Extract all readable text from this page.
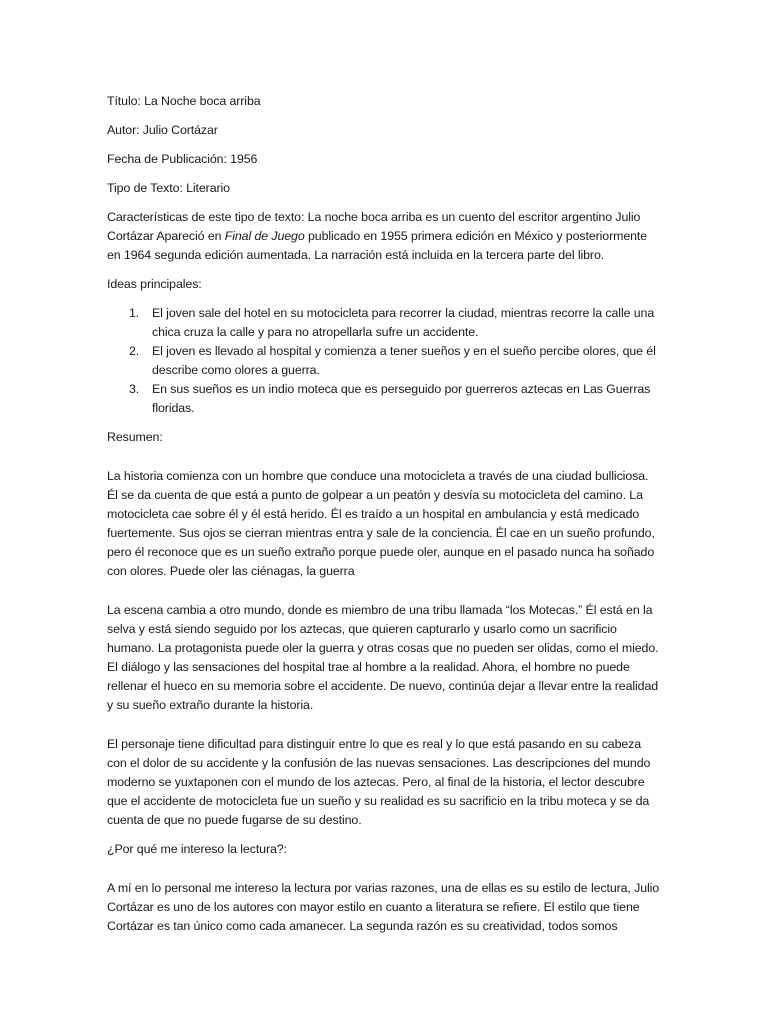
Título: La Noche boca arriba

Autor: Julio Cortázar

Fecha de Publicación: 1956

Tipo de Texto: Literario

Características de este tipo de texto: La noche boca arriba es un cuento del escritor argentino Julio Cortázar Apareció en Final de Juego publicado en 1955 primera edición en México y posteriormente en 1964 segunda edición aumentada. La narración está incluida en la tercera parte del libro.

Ideas principales:

1. El joven sale del hotel en su motocicleta para recorrer la ciudad, mientras recorre la calle una chica cruza la calle y para no atropellarla sufre un accidente.
2. El joven es llevado al hospital y comienza a tener sueños y en el sueño percibe olores, que él describe como olores a guerra.
3. En sus sueños es un indio moteca que es perseguido por guerreros aztecas en Las Guerras floridas.

Resumen:

La historia comienza con un hombre que conduce una motocicleta a través de una ciudad bulliciosa. Él se da cuenta de que está a punto de golpear a un peatón y desvía su motocicleta del camino. La motocicleta cae sobre él y él está herido. Él es traído a un hospital en ambulancia y está medicado fuertemente. Sus ojos se cierran mientras entra y sale de la conciencia. Él cae en un sueño profundo, pero él reconoce que es un sueño extraño porque puede oler, aunque en el pasado nunca ha soñado con olores. Puede oler las ciénagas, la guerra

La escena cambia a otro mundo, donde es miembro de una tribu llamada “los Motecas.” Él está en la selva y está siendo seguido por los aztecas, que quieren capturarlo y usarlo como un sacrificio humano. La protagonista puede oler la guerra y otras cosas que no pueden ser olidas, como el miedo. El diálogo y las sensaciones del hospital trae al hombre a la realidad. Ahora, el hombre no puede rellenar el hueco en su memoria sobre el accidente. De nuevo, continúa dejar a llevar entre la realidad y su sueño extraño durante la historia.

El personaje tiene dificultad para distinguir entre lo que es real y lo que está pasando en su cabeza con el dolor de su accidente y la confusión de las nuevas sensaciones. Las descripciones del mundo moderno se yuxtaponen con el mundo de los aztecas. Pero, al final de la historia, el lector descubre que el accidente de motocicleta fue un sueño y su realidad es su sacrificio en la tribu moteca y se da cuenta de que no puede fugarse de su destino.

¿Por qué me intereso la lectura?:

A mí en lo personal me intereso la lectura por varias razones, una de ellas es su estilo de lectura, Julio Cortázar es uno de los autores con mayor estilo en cuanto a literatura se refiere. El estilo que tiene Cortázar es tan único como cada amanecer. La segunda razón es su creatividad, todos somos
